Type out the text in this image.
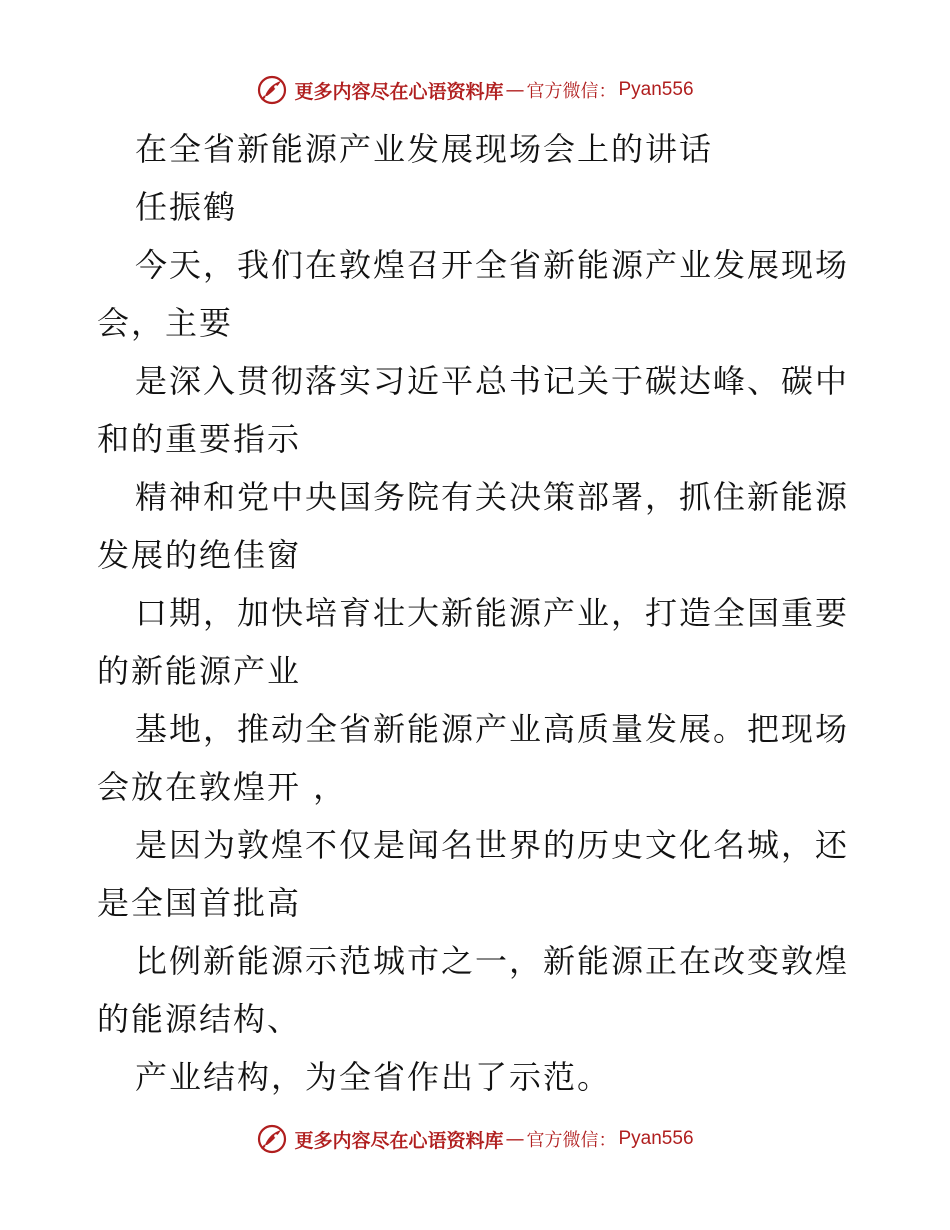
更多内容尽在心语资料库 — 官方微信： Pyan556
在全省新能源产业发展现场会上的讲话
任振鹤
今天，我们在敦煌召开全省新能源产业发展现场
会，主要
是深入贯彻落实习近平总书记关于碳达峰、碳中
和的重要指示
精神和党中央国务院有关决策部署，抓住新能源
发展的绝佳窗
口期，加快培育壮大新能源产业，打造全国重要
的新能源产业
基地，推动全省新能源产业高质量发展。把现场
会放在敦煌开 ，
是因为敦煌不仅是闻名世界的历史文化名城，还
是全国首批高
比例新能源示范城市之一，新能源正在改变敦煌
的能源结构、
产业结构，为全省作出了示范。
更多内容尽在心语资料库 — 官方微信： Pyan556
